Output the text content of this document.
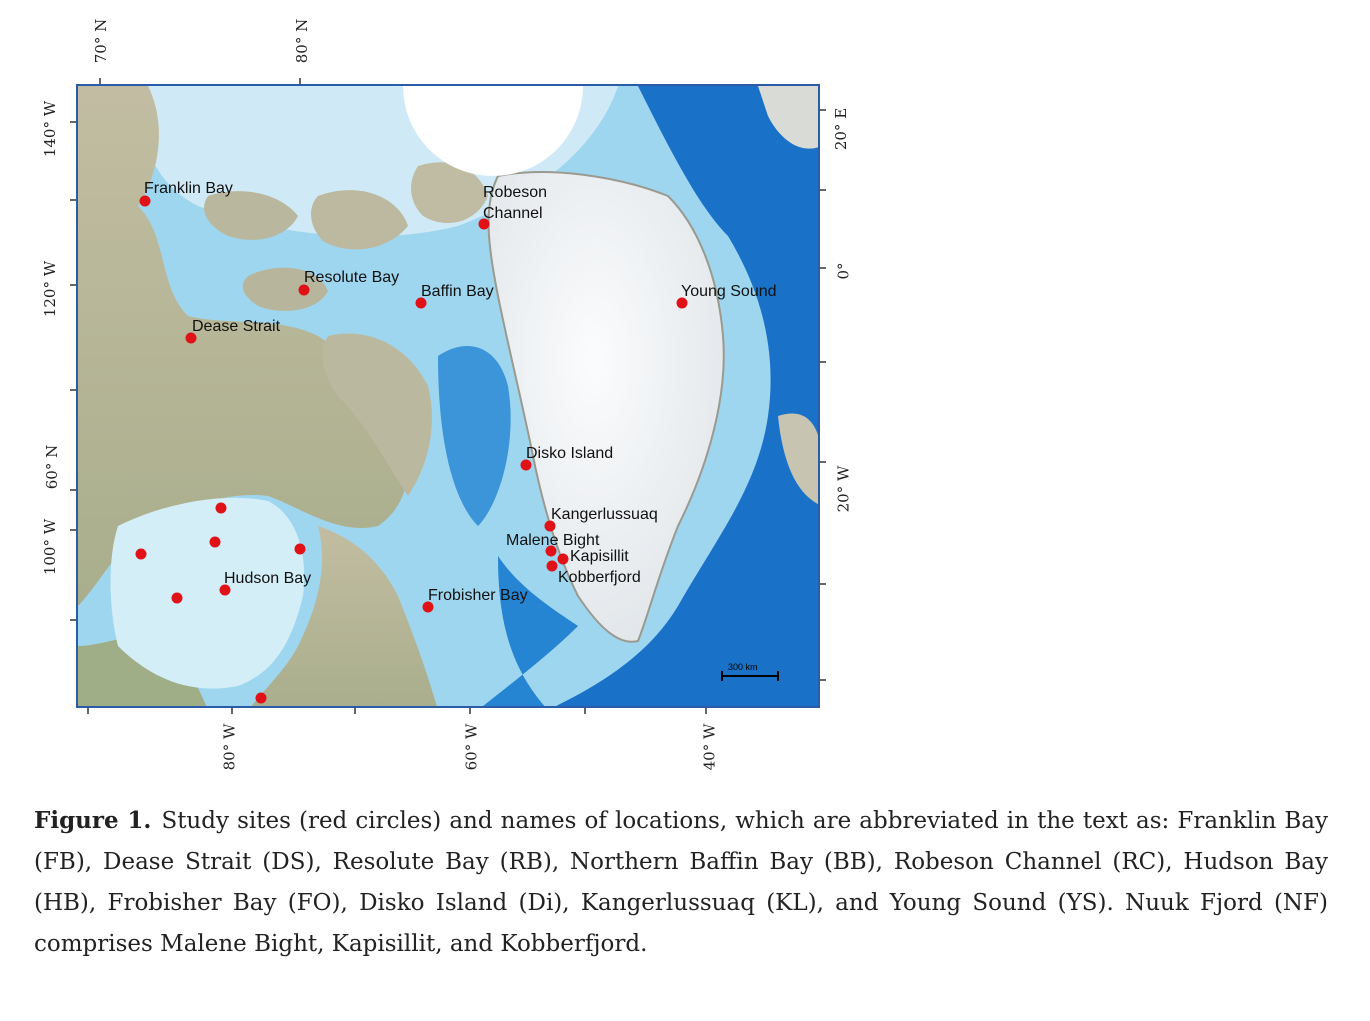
70° N	80° N
140° W
120° W
60° N
100° W
20° E
0°
20° W
80° W	60° W	40° W
300 km
Franklin Bay	Robeson Channel
Resolute Bay
Baffin Bay	Young Sound
Dease Strait
Disko Island
Kangerlussuaq
Malene Bight
Kapisillit
Kobberfjord
Hudson Bay
Frobisher Bay
Figure 1. Study sites (red circles) and names of locations, which are abbreviated in the text as: Franklin Bay (FB), Dease Strait (DS), Resolute Bay (RB), Northern Baffin Bay (BB), Robeson Channel (RC), Hudson Bay (HB), Frobisher Bay (FO), Disko Island (Di), Kangerlussuaq (KL), and Young Sound (YS). Nuuk Fjord (NF) comprises Malene Bight, Kapisillit, and Kobberfjord.
